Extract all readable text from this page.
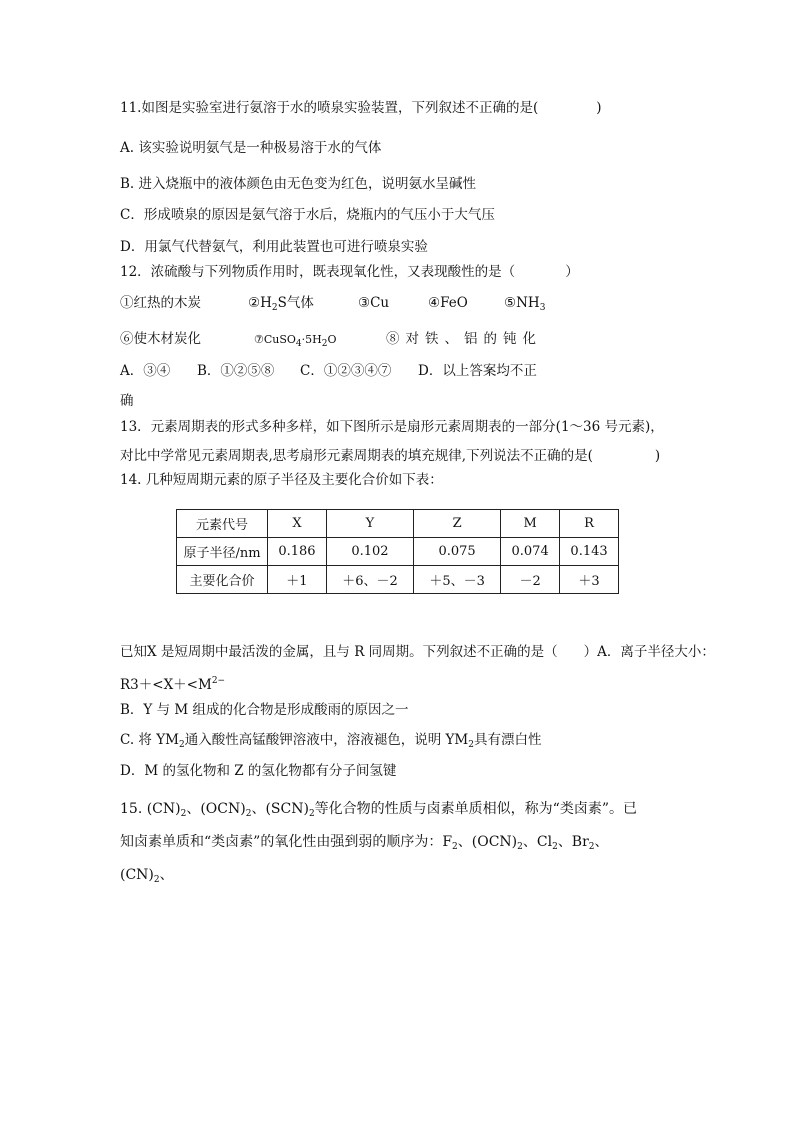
11.如图是实验室进行氨溶于水的喷泉实验装置，下列叙述不正确的是(	)
A. 该实验说明氨气是一种极易溶于水的气体
B. 进入烧瓶中的液体颜色由无色变为红色，说明氨水呈碱性
C．形成喷泉的原因是氨气溶于水后，烧瓶内的气压小于大气压
D．用氯气代替氨气，利用此装置也可进行喷泉实验
12．浓硫酸与下列物质作用时，既表现氧化性，又表现酸性的是（	）
①红热的木炭	$②H_2S$气体	③Cu	④FeO	$⑤NH_3$
⑥使木材炭化	$⑦CuSO_4\cdot 5H_2O$	⑧对铁、铝的钝化
A．③④ B．①②⑤⑧ C．①②③④⑦ D．以上答案均不正
确
13．元素周期表的形式多种多样，如下图所示是扇形元素周期表的一部分(1～36 号元素)，
对比中学常见元素周期表,思考扇形元素周期表的填充规律,下列说法不正确的是(	)
14. 几种短周期元素的原子半径及主要化合价如下表：
元素代号	X	Y	Z	M	R
原子半径/nm	0.186	0.102	0.075	0.074	0.143
主要化合价	＋1	＋6、－2	＋5、－3	－2	＋3
已知X 是短周期中最活泼的金属，且与 R 同周期。下列叙述不正确的是（ ）A．离子半径大小：
$R3+<X+<M^{2-}$
B．Y 与 M 组成的化合物是形成酸雨的原因之一
C. 将 $YM_2$通入酸性高锰酸钾溶液中，溶液褪色，说明 $YM_2$具有漂白性
D．M 的氢化物和 Z 的氢化物都有分子间氢键
15. $(CN)_2$、$(OCN)_2$、$(SCN)_2$等化合物的性质与卤素单质相似，称为“类卤素”。已
知卤素单质和“类卤素”的氧化性由强到弱的顺序为：$F_2$、$(OCN)_2$、$Cl_2$、$Br_2$、
$(CN)_2$、
